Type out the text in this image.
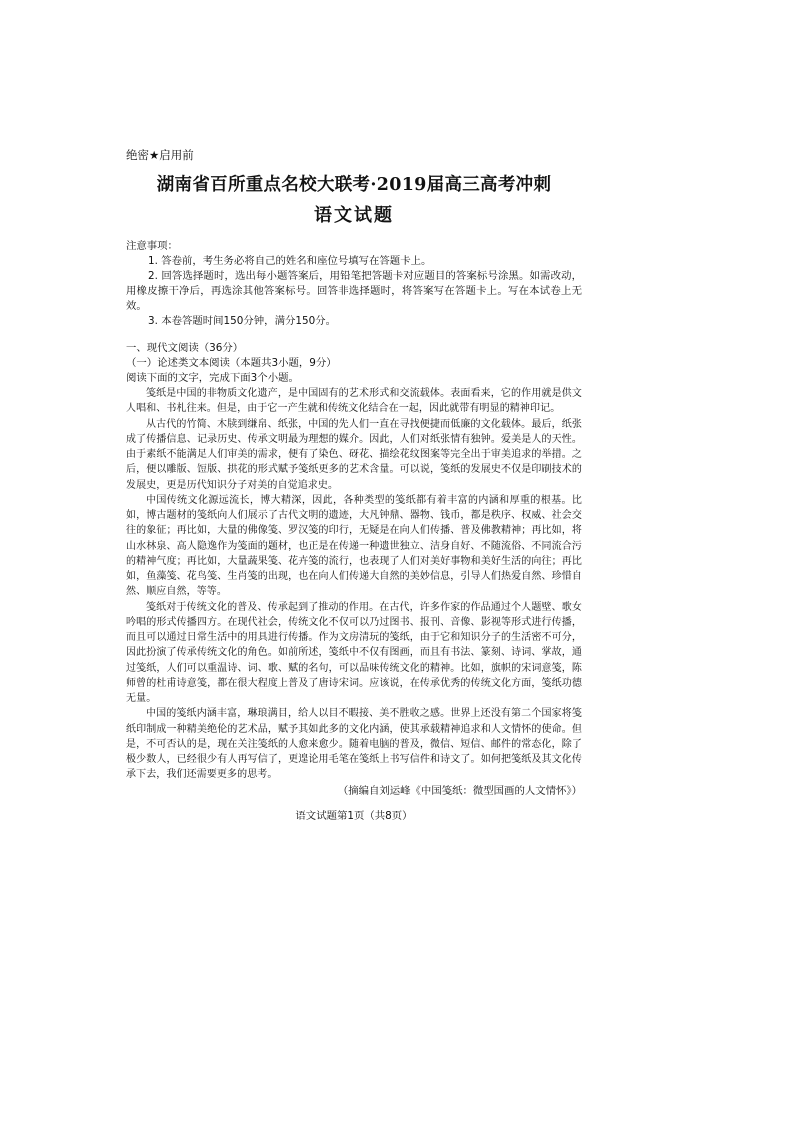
绝密★启用前
湖南省百所重点名校大联考·2019届高三高考冲刺
语文试题
注意事项：
1. 答卷前，考生务必将自己的姓名和座位号填写在答题卡上。
2. 回答选择题时，选出每小题答案后，用铅笔把答题卡对应题目的答案标号涂黑。如需改动，用橡皮擦干净后，再选涂其他答案标号。回答非选择题时，将答案写在答题卡上。写在本试卷上无效。
3. 本卷答题时间150分钟，满分150分。
一、现代文阅读（36分）
（一）论述类文本阅读（本题共3小题，9分）
阅读下面的文字，完成下面3个小题。

笺纸是中国的非物质文化遗产，是中国固有的艺术形式和交流载体。表面看来，它的作用就是供文人唱和、书札往来。但是，由于它一产生就和传统文化结合在一起，因此就带有明显的精神印记。

从古代的竹简、木牍到缣帛、纸张，中国的先人们一直在寻找便捷而低廉的文化载体。最后，纸张成了传播信息、记录历史、传承文明最为理想的媒介。因此，人们对纸张情有独钟。爱美是人的天性。由于素纸不能满足人们审美的需求，便有了染色、砑花、描绘花纹图案等完全出于审美追求的举措。之后，便以雕版、饾版、拱花的形式赋予笺纸更多的艺术含量。可以说，笺纸的发展史不仅是印刷技术的发展史，更是历代知识分子对美的自觉追求史。

中国传统文化源远流长，博大精深，因此，各种类型的笺纸都有着丰富的内涵和厚重的根基。比如，博古题材的笺纸向人们展示了古代文明的遗迹，大凡钟鼎、器物、钱币，都是秩序、权威、社会交往的象征；再比如，大量的佛像笺、罗汉笺的印行，无疑是在向人们传播、普及佛教精神；再比如，将山水林泉、高人隐逸作为笺面的题材，也正是在传递一种遗世独立、洁身自好、不随流俗、不同流合污的精神气度；再比如，大量蔬果笺、花卉笺的流行，也表现了人们对美好事物和美好生活的向往；再比如，鱼藻笺、花鸟笺、生肖笺的出现，也在向人们传递大自然的美妙信息，引导人们热爱自然、珍惜自然、顺应自然，等等。

笺纸对于传统文化的普及、传承起到了推动的作用。在古代，许多作家的作品通过个人题壁、歌女吟唱的形式传播四方。在现代社会，传统文化不仅可以乃过图书、报刊、音像、影视等形式进行传播，而且可以通过日常生活中的用具进行传播。作为文房清玩的笺纸，由于它和知识分子的生活密不可分，因此扮演了传承传统文化的角色。如前所述，笺纸中不仅有图画，而且有书法、篆刻、诗词、掌故，通过笺纸，人们可以重温诗、词、歌、赋的名句，可以品味传统文化的精神。比如，旗帜的宋词意笺，陈师曾的杜甫诗意笺，都在很大程度上普及了唐诗宋词。应该说，在传承优秀的传统文化方面，笺纸功德无量。

中国的笺纸内涵丰富，琳琅满目，给人以目不暇接、美不胜收之感。世界上还没有第二个国家将笺纸印制成一种精美绝伦的艺术品，赋予其如此多的文化内涵，使其承载精神追求和人文情怀的使命。但是，不可否认的是，现在关注笺纸的人愈来愈少。随着电脑的普及，微信、短信、邮件的常态化，除了极少数人，已经很少有人再写信了，更遑论用毛笔在笺纸上书写信件和诗文了。如何把笺纸及其文化传承下去，我们还需要更多的思考。

（摘编自刘运峰《中国笺纸：微型国画的人文情怀》）
语文试题第1页（共8页）
